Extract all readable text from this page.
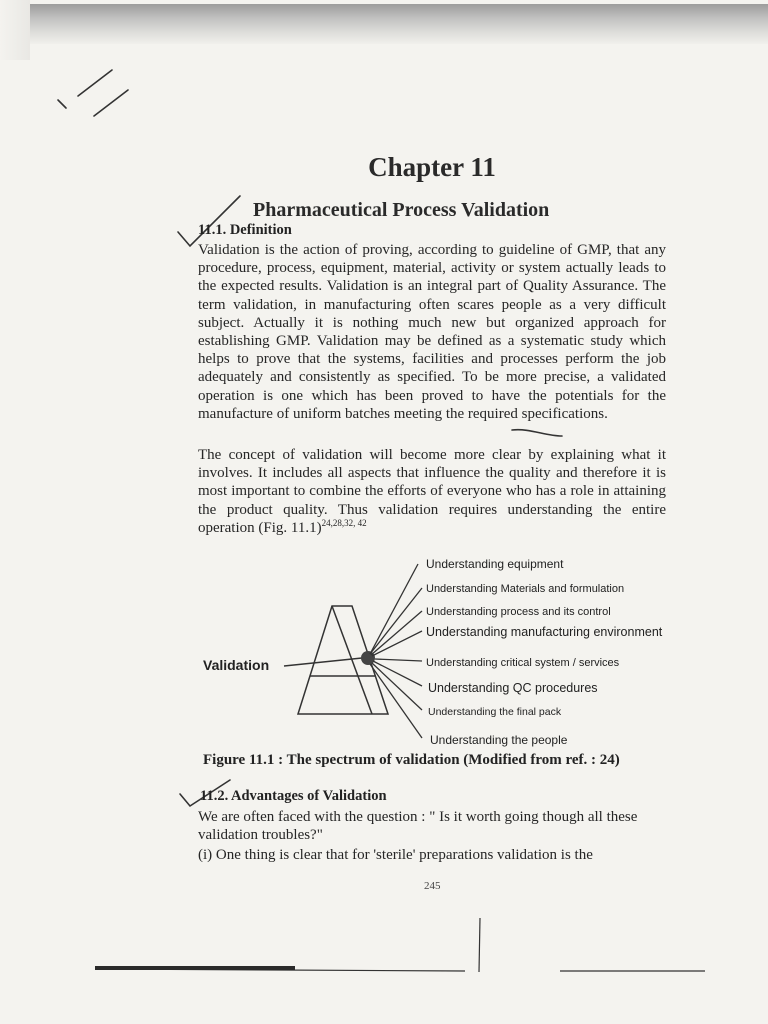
Chapter 11
Pharmaceutical Process Validation
11.1. Definition
Validation is the action of proving, according to guideline of GMP, that any procedure, process, equipment, material, activity or system actually leads to the expected results. Validation is an integral part of Quality Assurance. The term validation, in manufacturing often scares people as a very difficult subject. Actually it is nothing much new but organized approach for establishing GMP. Validation may be defined as a systematic study which helps to prove that the systems, facilities and processes perform the job adequately and consistently as specified. To be more precise, a validated operation is one which has been proved to have the potentials for the manufacture of uniform batches meeting the required specifications.
The concept of validation will become more clear by explaining what it involves. It includes all aspects that influence the quality and therefore it is most important to combine the efforts of everyone who has a role in attaining the product quality. Thus validation requires understanding the entire operation (Fig. 11.1)$^{24,28,32, 42}$
Validation
Understanding equipment
Understanding Materials and formulation
Understanding process and its control
Understanding manufacturing environment
Understanding critical system / services
Understanding QC procedures
Understanding the final pack
Understanding the people
Figure 11.1 : The spectrum of validation (Modified from ref. : 24)
11.2. Advantages of Validation
We are often faced with the question : " Is it worth going though all these validation troubles?"
(i) One thing is clear that for 'sterile' preparations validation is the
245
